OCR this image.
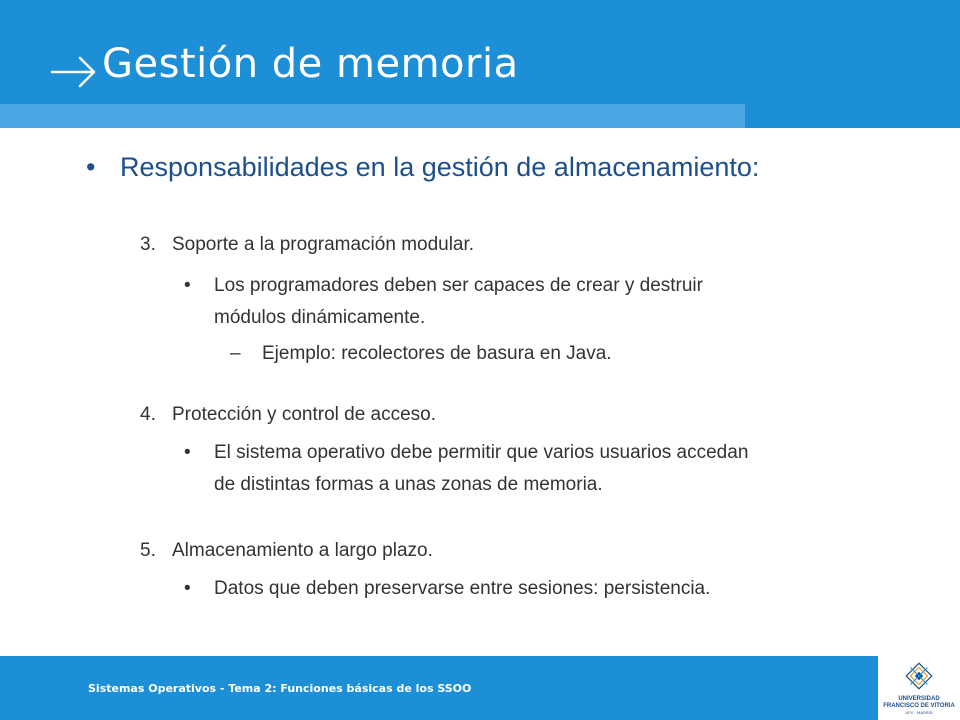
Gestión de memoria
• Responsabilidades en la gestión de almacenamiento:
3. Soporte a la programación modular.
• Los programadores deben ser capaces de crear y destruir
módulos dinámicamente.
– Ejemplo: recolectores de basura en Java.
4. Protección y control de acceso.
• El sistema operativo debe permitir que varios usuarios accedan
de distintas formas a unas zonas de memoria.
5. Almacenamiento a largo plazo.
• Datos que deben preservarse entre sesiones: persistencia.
Sistemas Operativos - Tema 2: Funciones básicas de los SSOO
UNIVERSIDAD
FRANCISCO DE VITORIA
UFV · MADRID
